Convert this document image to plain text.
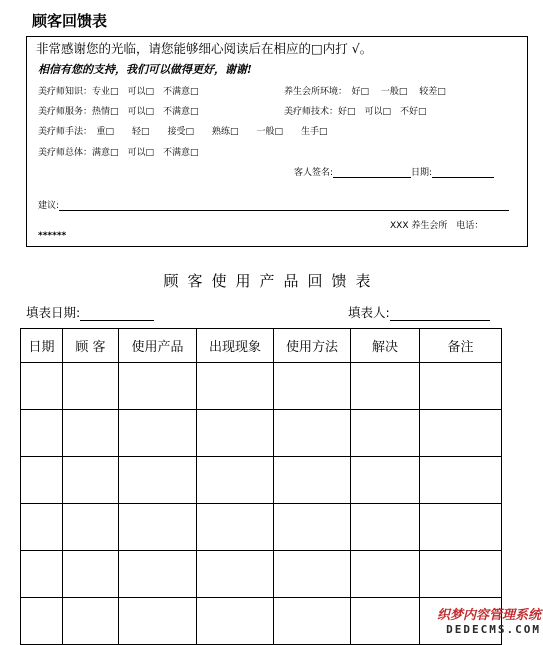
顾客回馈表
非常感谢您的光临，请您能够细心阅读后在相应的□内打 √。
相信有您的支持，我们可以做得更好，谢谢!
美疗师知识：专业□　可以□　不满意□	养生会所环境：　好□　 一般□　 较差□
美疗师服务：热情□　可以□　不满意□	美疗师技术：好□　可以□　不好□
美疗师手法：　重□　　轻□　　接受□　　熟练□　　一般□　　生手□
美疗师总体：满意□　可以□　不满意□
客人签名:	日期:
建议:
XXX 养生会所　电话：
******
顾客使用产品回馈表
填表日期:	填表人:
日期	顾 客	使用产品	出现现象	使用方法	解决	备注

织梦内容管理系统
DEDECMS.COM
